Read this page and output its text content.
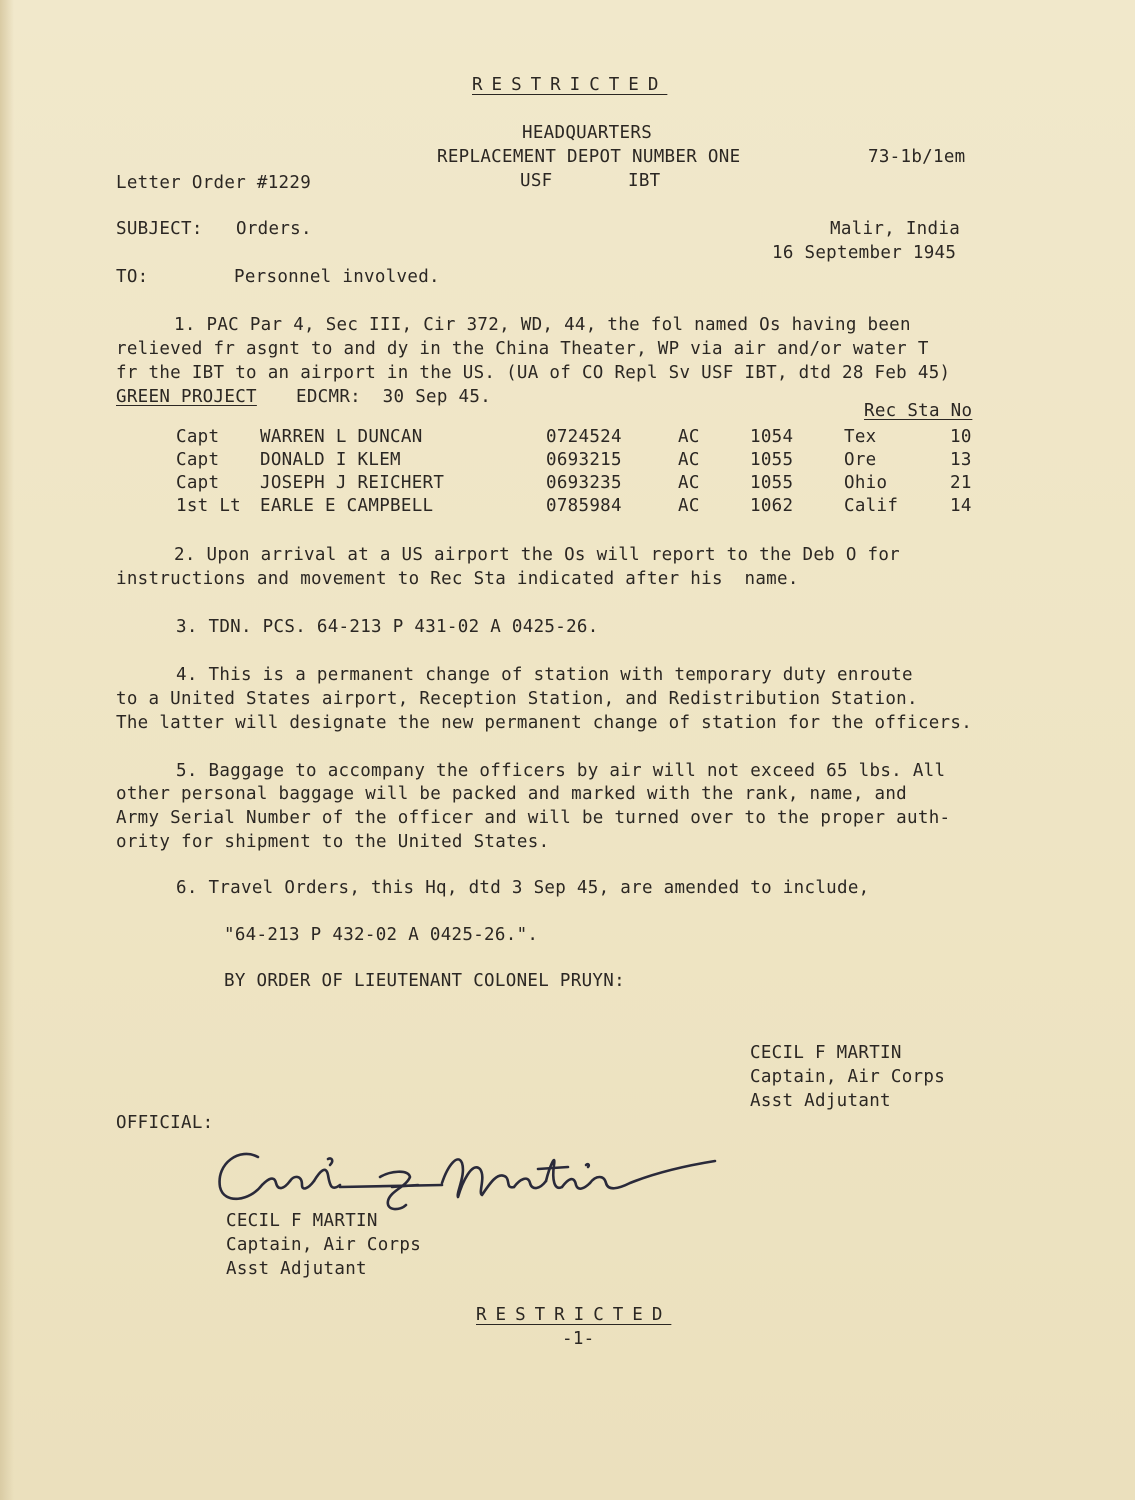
RESTRICTED
HEADQUARTERS
REPLACEMENT DEPOT NUMBER ONE
USF	IBT
73-1b/1em
Letter Order #1229
SUBJECT: Orders.	Malir, India
16 September 1945
TO:	Personnel involved.
1. PAC Par 4, Sec III, Cir 372, WD, 44, the fol named Os having been
relieved fr asgnt to and dy in the China Theater, WP via air and/or water T
fr the IBT to an airport in the US. (UA of CO Repl Sv USF IBT, dtd 28 Feb 45)
GREEN PROJECT EDCMR:  30 Sep 45.
Rec Sta No
Capt WARREN L DUNCAN	0724524	AC	1054	Tex	10
Capt DONALD I KLEM	0693215	AC	1055	Ore	13
Capt JOSEPH J REICHERT	0693235	AC	1055	Ohio	21
1st Lt EARLE E CAMPBELL	0785984	AC	1062	Calif	14
2. Upon arrival at a US airport the Os will report to the Deb O for
instructions and movement to Rec Sta indicated after his  name.
3. TDN. PCS. 64-213 P 431-02 A 0425-26.
4. This is a permanent change of station with temporary duty enroute
to a United States airport, Reception Station, and Redistribution Station.
The latter will designate the new permanent change of station for the officers.
5. Baggage to accompany the officers by air will not exceed 65 lbs. All
other personal baggage will be packed and marked with the rank, name, and
Army Serial Number of the officer and will be turned over to the proper auth-
ority for shipment to the United States.
6. Travel Orders, this Hq, dtd 3 Sep 45, are amended to include,
"64-213 P 432-02 A 0425-26.".
BY ORDER OF LIEUTENANT COLONEL PRUYN:
CECIL F MARTIN
Captain, Air Corps
Asst Adjutant
OFFICIAL:
CECIL F MARTIN
Captain, Air Corps
Asst Adjutant
RESTRICTED
-1-
